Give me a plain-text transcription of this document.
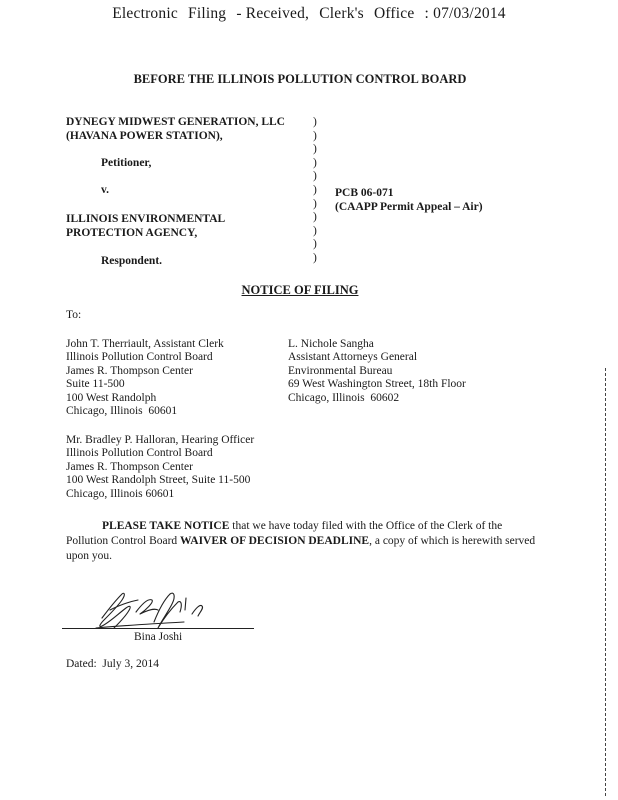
Electronic Filing - Received, Clerk's Office : 07/03/2014
BEFORE THE ILLINOIS POLLUTION CONTROL BOARD
DYNEGY MIDWEST GENERATION, LLC
(HAVANA POWER STATION),
Petitioner,
v.
ILLINOIS ENVIRONMENTAL
PROTECTION AGENCY,
Respondent.
)
)
)
)
)
)
)
)
)
)
)
PCB 06-071
(CAAPP Permit Appeal – Air)
NOTICE OF FILING
To:
John T. Therriault, Assistant Clerk
Illinois Pollution Control Board
James R. Thompson Center
Suite 11-500
100 West Randolph
Chicago, Illinois  60601
L. Nichole Sangha
Assistant Attorneys General
Environmental Bureau
69 West Washington Street, 18th Floor
Chicago, Illinois  60602
Mr. Bradley P. Halloran, Hearing Officer
Illinois Pollution Control Board
James R. Thompson Center
100 West Randolph Street, Suite 11-500
Chicago, Illinois 60601
PLEASE TAKE NOTICE that we have today filed with the Office of the Clerk of the Pollution Control Board WAIVER OF DECISION DEADLINE, a copy of which is herewith served upon you.
Bina Joshi
Dated:  July 3, 2014
